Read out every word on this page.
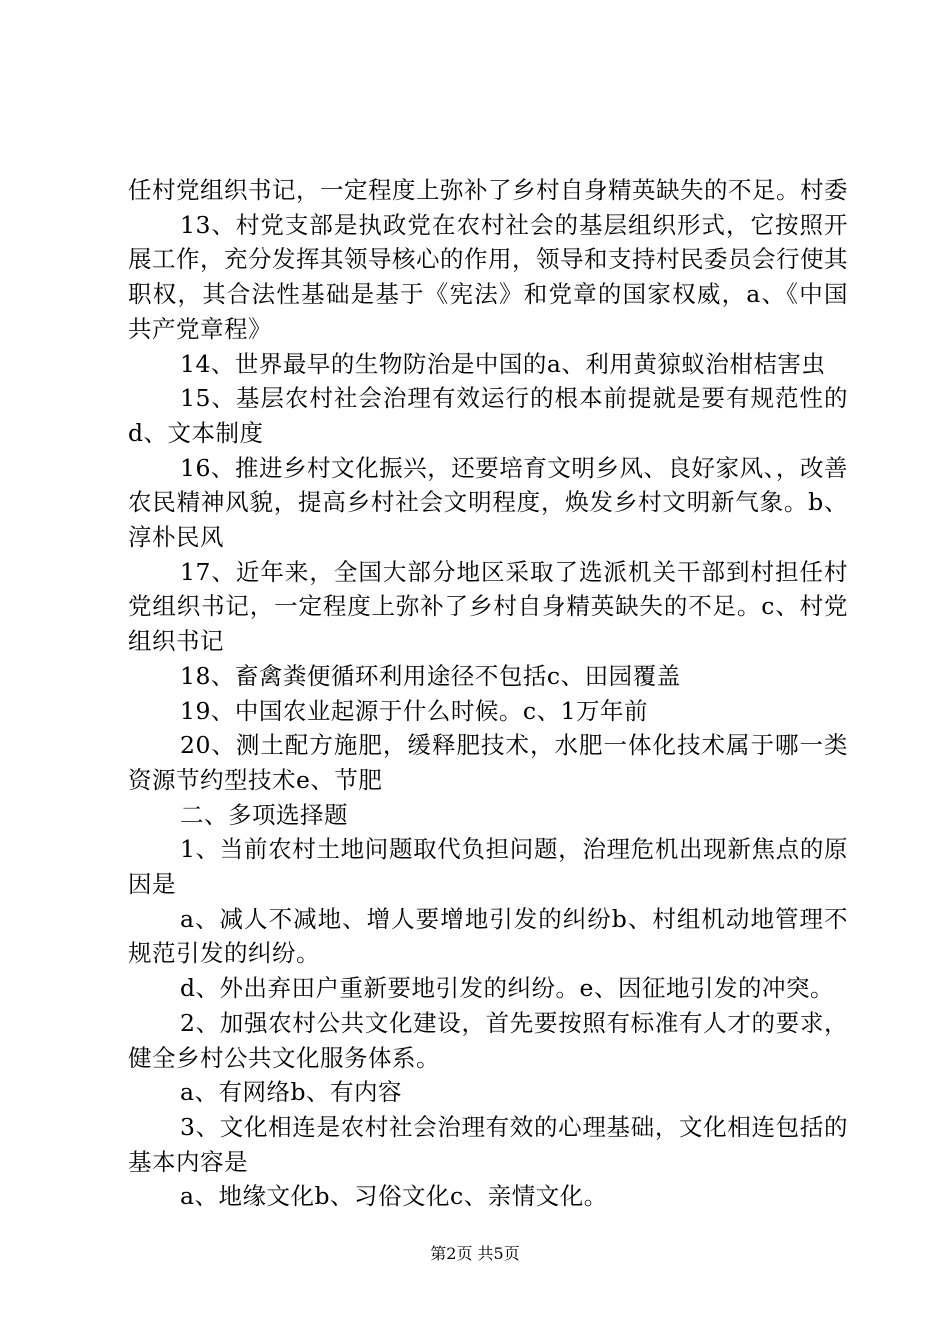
任村党组织书记，一定程度上弥补了乡村自身精英缺失的不足。村委

13、村党支部是执政党在农村社会的基层组织形式，它按照开展工作，充分发挥其领导核心的作用，领导和支持村民委员会行使其职权，其合法性基础是基于《宪法》和党章的国家权威，a、《中国共产党章程》

14、世界最早的生物防治是中国的a、利用黄猄蚁治柑桔害虫

15、基层农村社会治理有效运行的根本前提就是要有规范性的d、文本制度

16、推进乡村文化振兴，还要培育文明乡风、良好家风、，改善农民精神风貌，提高乡村社会文明程度，焕发乡村文明新气象。b、淳朴民风

17、近年来，全国大部分地区采取了选派机关干部到村担任村党组织书记，一定程度上弥补了乡村自身精英缺失的不足。c、村党组织书记

18、畜禽粪便循环利用途径不包括c、田园覆盖

19、中国农业起源于什么时候。c、1万年前

20、测土配方施肥，缓释肥技术，水肥一体化技术属于哪一类资源节约型技术e、节肥

二、多项选择题

1、当前农村土地问题取代负担问题，治理危机出现新焦点的原因是

a、减人不减地、增人要增地引发的纠纷b、村组机动地管理不规范引发的纠纷。

d、外出弃田户重新要地引发的纠纷。e、因征地引发的冲突。

2、加强农村公共文化建设，首先要按照有标准有人才的要求，健全乡村公共文化服务体系。

a、有网络b、有内容

3、文化相连是农村社会治理有效的心理基础，文化相连包括的基本内容是

a、地缘文化b、习俗文化c、亲情文化。

第2页 共5页
